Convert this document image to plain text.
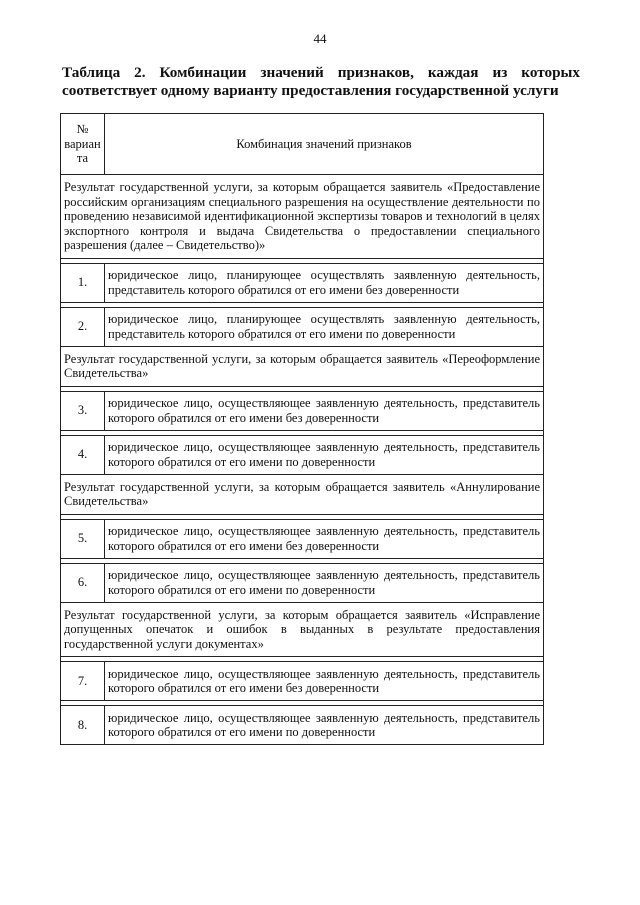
44
Таблица 2. Комбинации значений признаков, каждая из которых соответствует одному варианту предоставления государственной услуги
№ вариан та	Комбинация значений признаков
Результат государственной услуги, за которым обращается заявитель «Предоставление российским организациям специального разрешения на осуществление деятельности по проведению независимой идентификационной экспертизы товаров и технологий в целях экспортного контроля и выдача Свидетельства о предоставлении специального разрешения (далее – Свидетельство)»	

1.	юридическое лицо, планирующее осуществлять заявленную деятельность, представитель которого обратился от его имени без доверенности

2.	юридическое лицо, планирующее осуществлять заявленную деятельность, представитель которого обратился от его имени по доверенности
Результат государственной услуги, за которым обращается заявитель «Переоформление Свидетельства»	

3.	юридическое лицо, осуществляющее заявленную деятельность, представитель которого обратился от его имени без доверенности

4.	юридическое лицо, осуществляющее заявленную деятельность, представитель которого обратился от его имени по доверенности
Результат государственной услуги, за которым обращается заявитель «Аннулирование Свидетельства»	

5.	юридическое лицо, осуществляющее заявленную деятельность, представитель которого обратился от его имени без доверенности

6.	юридическое лицо, осуществляющее заявленную деятельность, представитель которого обратился от его имени по доверенности
Результат государственной услуги, за которым обращается заявитель «Исправление допущенных опечаток и ошибок в выданных в результате предоставления государственной услуги документах»	

7.	юридическое лицо, осуществляющее заявленную деятельность, представитель которого обратился от его имени без доверенности

8.	юридическое лицо, осуществляющее заявленную деятельность, представитель которого обратился от его имени по доверенности
